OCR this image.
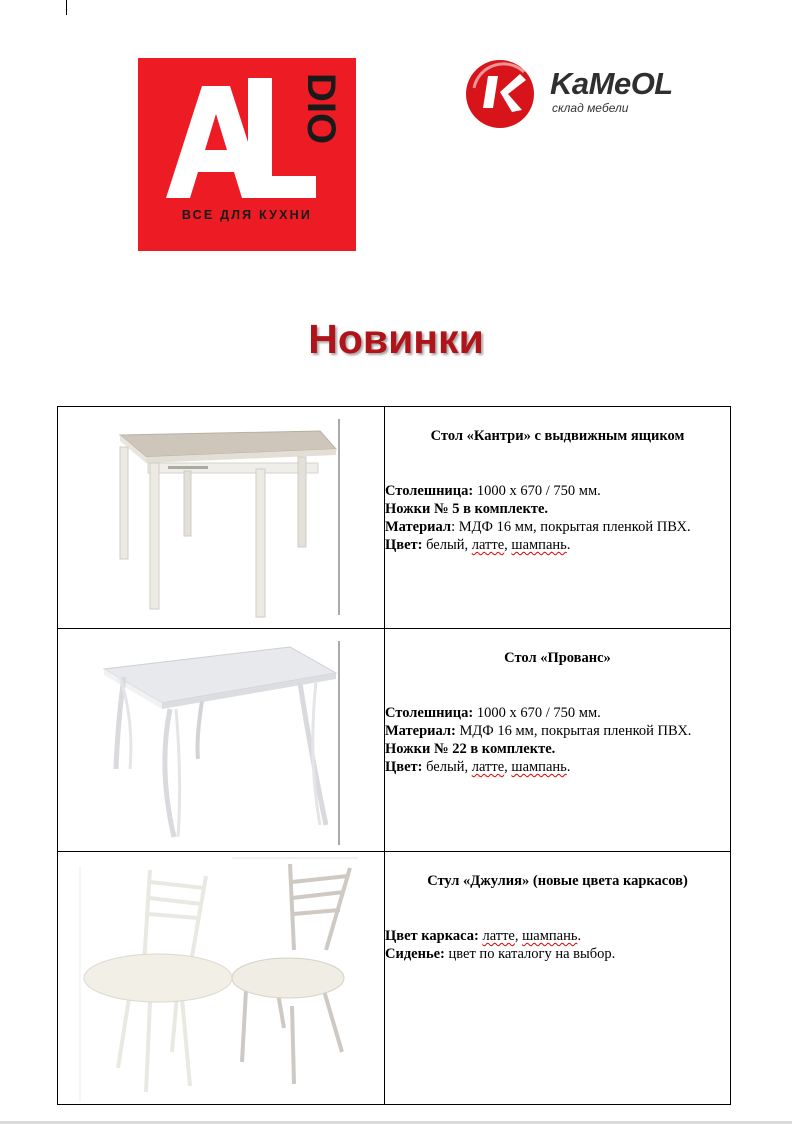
DIO
ВСЕ ДЛЯ КУХНИ
KaMeOL
склад мебели
Новинки

Стол «Кантри» с выдвижным ящиком

Столешница: 1000 х 670 / 750 мм.

Ножки № 5 в комплекте.

Материал: МДФ 16 мм, покрытая пленкой ПВХ.

Цвет: белый, латте, шампань.

Стол «Прованс»

Столешница: 1000 х 670 / 750 мм.

Материал: МДФ 16 мм, покрытая пленкой ПВХ.

Ножки № 22 в комплекте.

Цвет: белый, латте, шампань.

Стул «Джулия» (новые цвета каркасов)

Цвет каркаса: латте, шампань.

Сиденье: цвет по каталогу на выбор.
